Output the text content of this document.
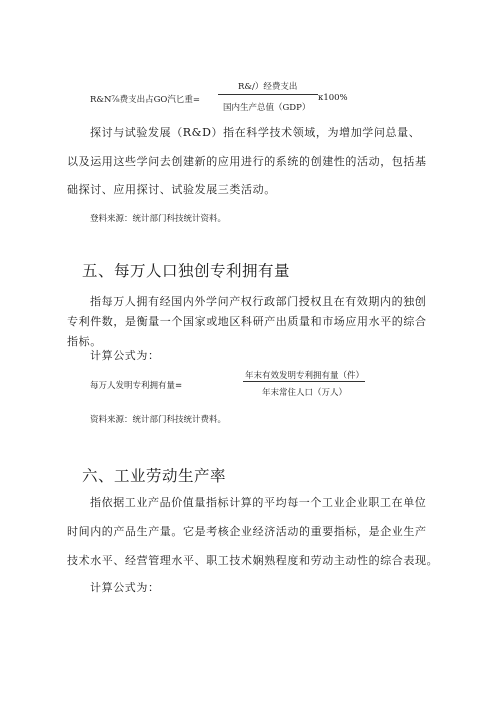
R&N⅞费支出占GO汽匕重=
R&/）经费支出
国内生产总值（GDP）
κ100%
探讨与试验发展（R&D）指在科学技术领域，为增加学问总量、
以及运用这些学问去创建新的应用进行的系统的创建性的活动，包括基
础探讨、应用探讨、试验发展三类活动。
登料来源：统计部门科技统计资料。
五、每万人口独创专利拥有量
指每万人拥有经国内外学问产权行政部门授权且在有效期内的独创
专利件数，是衡量一个国家或地区科研产出质量和市场应用水平的综合
指标。
计算公式为：
每万人发明专利拥有量=
年末有效发明专利拥有量（件）
年末常住人口（万人）
资料来源：统计部门科技统计费料。
六、工业劳动生产率
指依据工业产品价值量指标计算的平均每一个工业企业职工在单位
时间内的产品生产量。它是考核企业经济活动的重要指标，是企业生产
技术水平、经营管理水平、职工技术娴熟程度和劳动主动性的综合表现。
计算公式为：
